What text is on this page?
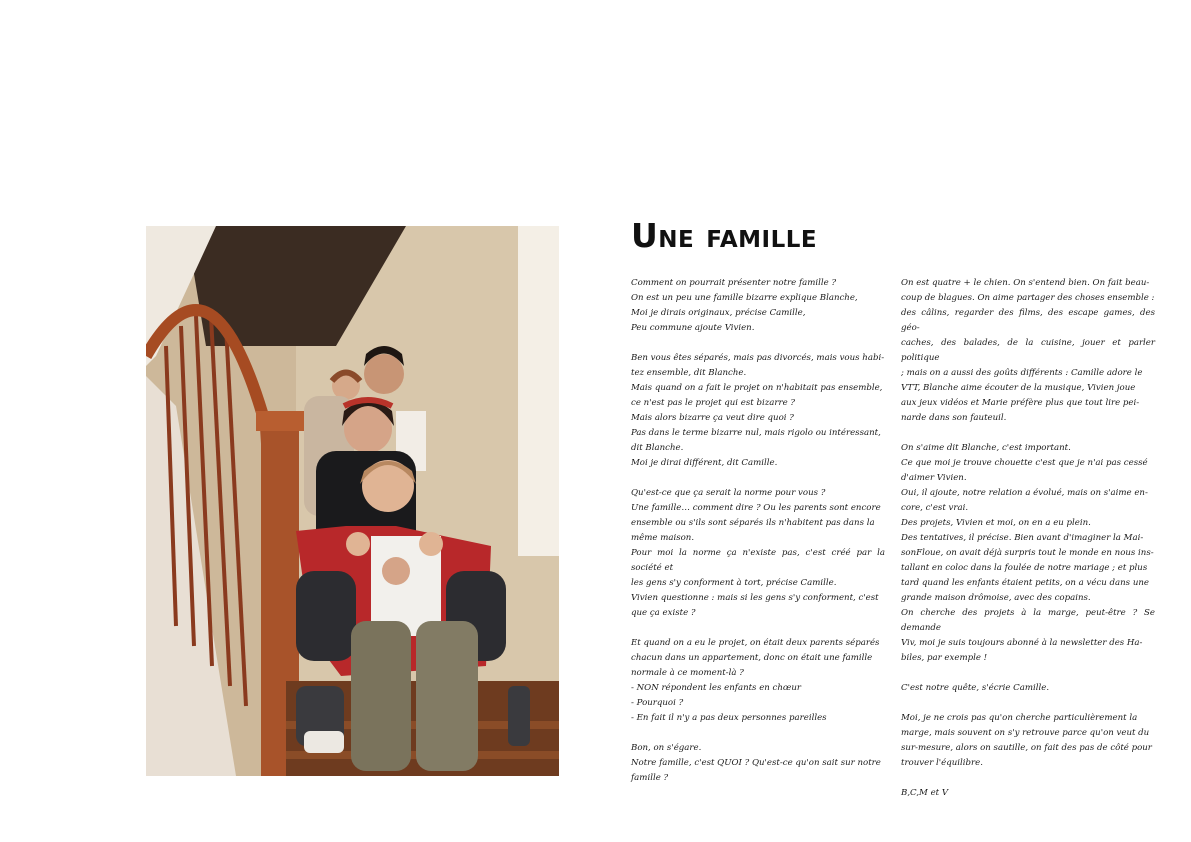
Une famille

Comment on pourrait présenter notre famille ?
On est un peu une famille bizarre explique Blanche,
Moi je dirais originaux, précise Camille,
Peu commune ajoute Vivien.

Ben vous êtes séparés, mais pas divorcés, mais vous habi-
tez ensemble, dit Blanche.
Mais quand on a fait le projet on n'habitait pas ensemble,
ce n'est pas le projet qui est bizarre ?
Mais alors bizarre ça veut dire quoi ?
Pas dans le terme bizarre nul, mais rigolo ou intéressant,
dit Blanche.
Moi je dirai différent, dit Camille.

Qu'est-ce que ça serait la norme pour vous ?
Une famille… comment dire ? Ou les parents sont encore
ensemble ou s'ils sont séparés ils n'habitent pas dans la
même maison.
Pour moi la norme ça n'existe pas, c'est créé par la société et
les gens s'y conforment à tort, précise Camille.
Vivien questionne : mais si les gens s'y conforment, c'est
que ça existe ?

Et quand on a eu le projet, on était deux parents séparés
chacun dans un appartement, donc on était une famille
normale à ce moment-là ?
- NON répondent les enfants en chœur
- Pourquoi ?
- En fait il n'y a pas deux personnes pareilles

Bon, on s'égare.
Notre famille, c'est QUOI ? Qu'est-ce qu'on sait sur notre
famille ?

On est quatre + le chien. On s'entend bien. On fait beau-
coup de blagues. On aime partager des choses ensemble :
des câlins, regarder des films, des escape games, des géo-
caches, des balades, de la cuisine, jouer et parler politique
; mais on a aussi des goûts différents : Camille adore le
VTT, Blanche aime écouter de la musique, Vivien joue
aux jeux vidéos et Marie préfère plus que tout lire pei-
narde dans son fauteuil.

On s'aime dit Blanche, c'est important.
Ce que moi je trouve chouette c'est que je n'ai pas cessé
d'aimer Vivien.
Oui, il ajoute, notre relation a évolué, mais on s'aime en-
core, c'est vrai.
Des projets, Vivien et moi, on en a eu plein.
Des tentatives, il précise. Bien avant d'imaginer la Mai-
sonFloue, on avait déjà surpris tout le monde en nous ins-
tallant en coloc dans la foulée de notre mariage ; et plus
tard quand les enfants étaient petits, on a vécu dans une
grande maison drômoise, avec des copains.
On cherche des projets à la marge, peut-être ? Se demande
Viv, moi je suis toujours abonné à la newsletter des Ha-
biles, par exemple !

C'est notre quête, s'écrie Camille.

Moi, je ne crois pas qu'on cherche particulièrement la
marge, mais souvent on s'y retrouve parce qu'on veut du
sur-mesure, alors on sautille, on fait des pas de côté pour
trouver l'équilibre.

B,C,M et V
